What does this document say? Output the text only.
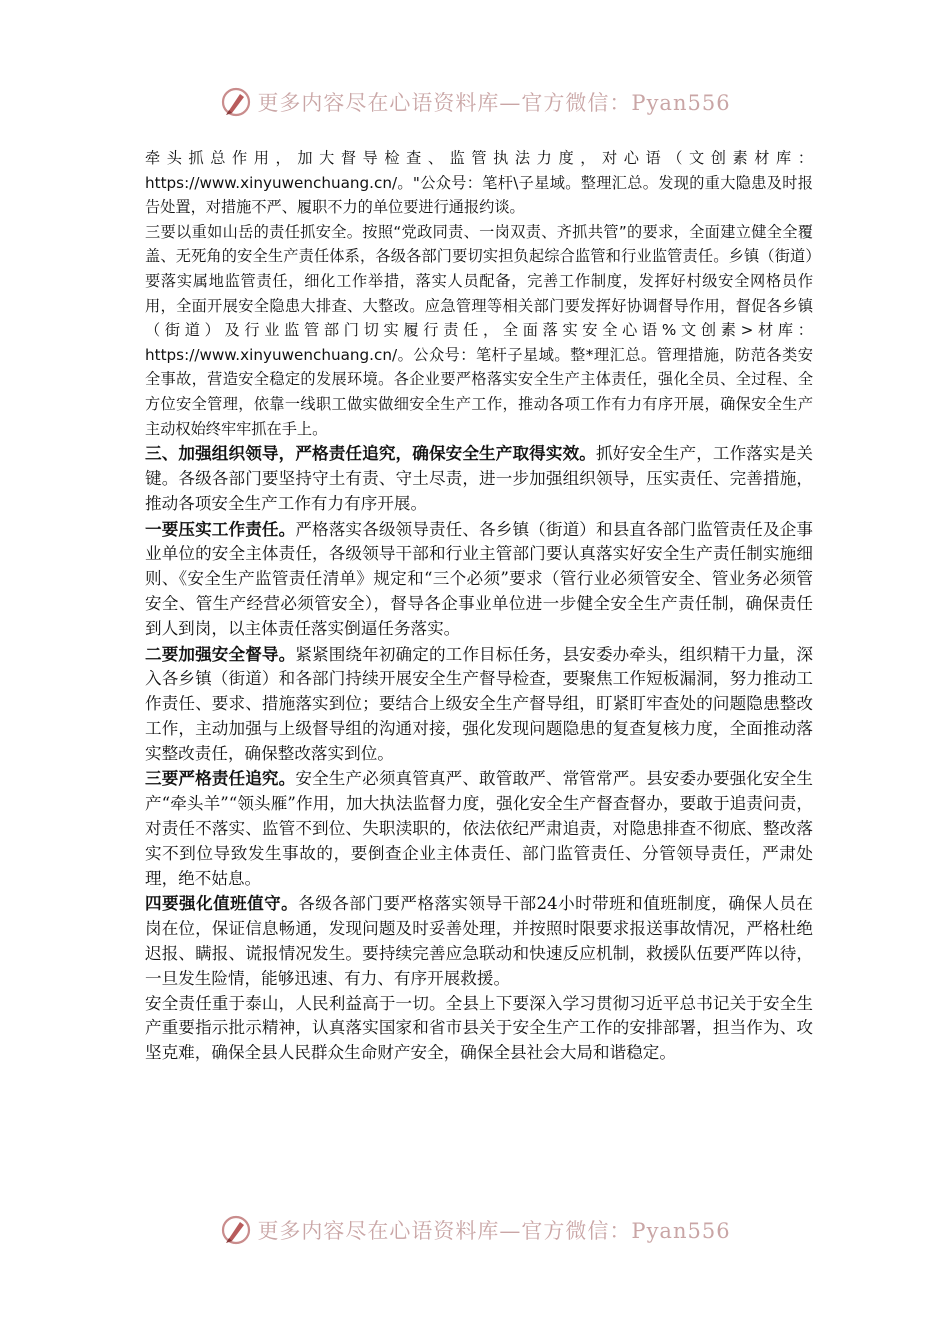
更多内容尽在心语资料库—官方微信：Pyan556

牵头抓总作用，加大督导检查、监管执法力度，对心语（文创素材库：https://www.xinyuwenchuang.cn/。"公众号：笔杆\子星域。整理汇总。发现的重大隐患及时报告处置，对措施不严、履职不力的单位要进行通报约谈。

三要以重如山岳的责任抓安全。按照“党政同责、一岗双责、齐抓共管”的要求，全面建立健全全覆盖、无死角的安全生产责任体系，各级各部门要切实担负起综合监管和行业监管责任。乡镇（街道）要落实属地监管责任，细化工作举措，落实人员配备，完善工作制度，发挥好村级安全网格员作用，全面开展安全隐患大排查、大整改。应急管理等相关部门要发挥好协调督导作用，督促各乡镇（街道）及行业监管部门切实履行责任，全面落实安全心语%文创素>材库：https://www.xinyuwenchuang.cn/。公众号：笔杆子星域。整*理汇总。管理措施，防范各类安全事故，营造安全稳定的发展环境。各企业要严格落实安全生产主体责任，强化全员、全过程、全方位安全管理，依靠一线职工做实做细安全生产工作，推动各项工作有力有序开展，确保安全生产主动权始终牢牢抓在手上。

三、加强组织领导，严格责任追究，确保安全生产取得实效。抓好安全生产，工作落实是关键。各级各部门要坚持守土有责、守土尽责，进一步加强组织领导，压实责任、完善措施，推动各项安全生产工作有力有序开展。

一要压实工作责任。严格落实各级领导责任、各乡镇（街道）和县直各部门监管责任及企事业单位的安全主体责任，各级领导干部和行业主管部门要认真落实好安全生产责任制实施细则、《安全生产监管责任清单》规定和“三个必须”要求（管行业必须管安全、管业务必须管安全、管生产经营必须管安全），督导各企事业单位进一步健全安全生产责任制，确保责任到人到岗，以主体责任落实倒逼任务落实。

二要加强安全督导。紧紧围绕年初确定的工作目标任务，县安委办牵头，组织精干力量，深入各乡镇（街道）和各部门持续开展安全生产督导检查，要聚焦工作短板漏洞，努力推动工作责任、要求、措施落实到位；要结合上级安全生产督导组，盯紧盯牢查处的问题隐患整改工作，主动加强与上级督导组的沟通对接，强化发现问题隐患的复查复核力度，全面推动落实整改责任，确保整改落实到位。

三要严格责任追究。安全生产必须真管真严、敢管敢严、常管常严。县安委办要强化安全生产“牵头羊”“领头雁”作用，加大执法监督力度，强化安全生产督查督办，要敢于追责问责，对责任不落实、监管不到位、失职渎职的，依法依纪严肃追责，对隐患排查不彻底、整改落实不到位导致发生事故的，要倒查企业主体责任、部门监管责任、分管领导责任，严肃处理，绝不姑息。

四要强化值班值守。各级各部门要严格落实领导干部24小时带班和值班制度，确保人员在岗在位，保证信息畅通，发现问题及时妥善处理，并按照时限要求报送事故情况，严格杜绝迟报、瞒报、谎报情况发生。要持续完善应急联动和快速反应机制，救援队伍要严阵以待，一旦发生险情，能够迅速、有力、有序开展救援。

安全责任重于泰山，人民利益高于一切。全县上下要深入学习贯彻习近平总书记关于安全生产重要指示批示精神，认真落实国家和省市县关于安全生产工作的安排部署，担当作为、攻坚克难，确保全县人民群众生命财产安全，确保全县社会大局和谐稳定。

更多内容尽在心语资料库—官方微信：Pyan556
